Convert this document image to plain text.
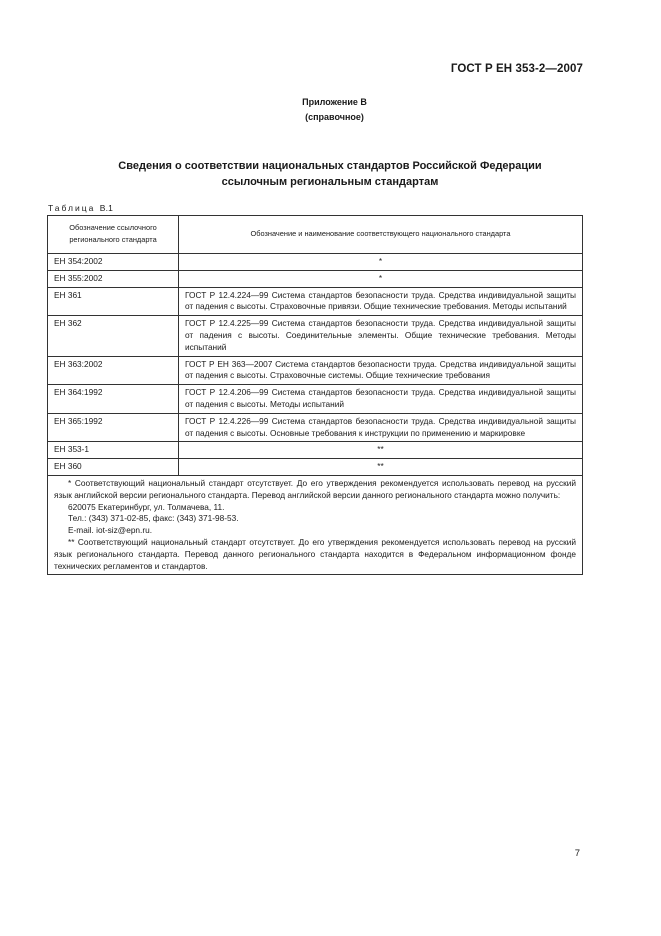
ГОСТ Р ЕН 353-2—2007
Приложение В
(справочное)
Сведения о соответствии национальных стандартов Российской Федерации
ссылочным региональным стандартам
Таблица В.1
Обозначение ссылочного регионального стандарта	Обозначение и наименование соответствующего национального стандарта
ЕН 354:2002	*
ЕН 355:2002	*
ЕН 361	ГОСТ Р 12.4.224—99 Система стандартов безопасности труда. Средства индивидуальной защиты от падения с высоты. Страховочные привязи. Общие технические требования. Методы испытаний
ЕН 362	ГОСТ Р 12.4.225—99 Система стандартов безопасности труда. Средства индивидуальной защиты от падения с высоты. Соединительные элементы. Общие технические требования. Методы испытаний
ЕН 363:2002	ГОСТ Р ЕН 363—2007 Система стандартов безопасности труда. Средства индивидуальной защиты от падения с высоты. Страховочные системы. Общие технические требования
ЕН 364:1992	ГОСТ Р 12.4.206—99 Система стандартов безопасности труда. Средства индивидуальной защиты от падения с высоты. Методы испытаний
ЕН 365:1992	ГОСТ Р 12.4.226—99 Система стандартов безопасности труда. Средства индивидуальной защиты от падения с высоты. Основные требования к инструкции по применению и маркировке
ЕН 353-1	**
ЕН 360	**

* Соответствующий национальный стандарт отсутствует. До его утверждения рекомендуется использовать перевод на русский язык английской версии регионального стандарта. Перевод английской версии данного регионального стандарта можно получить:
620075 Екатеринбург, ул. Толмачева, 11.
Тел.: (343) 371-02-85, факс: (343) 371-98-53.
E-mail. iot-siz@epn.ru.
** Соответствующий национальный стандарт отсутствует. До его утверждения рекомендуется использовать перевод на русский язык регионального стандарта. Перевод данного регионального стандарта находится в Федеральном информационном фонде технических регламентов и стандартов.	
7
